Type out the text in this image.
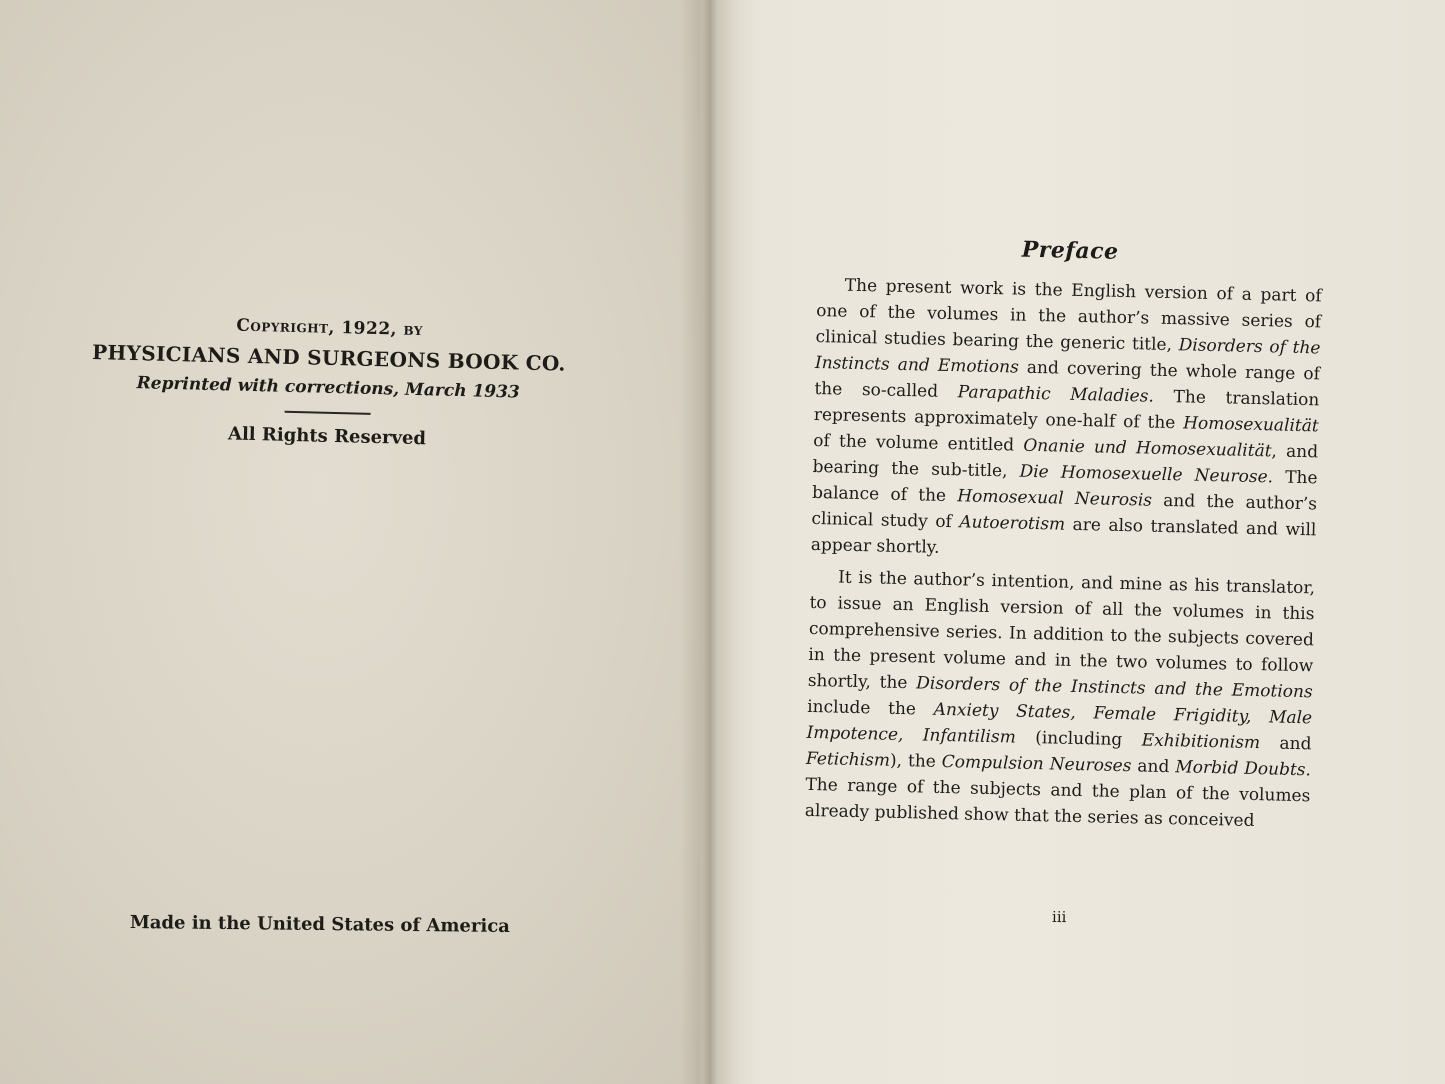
Copyright, 1922, by
PHYSICIANS AND SURGEONS BOOK CO.
Reprinted with corrections, March 1933
All Rights Reserved
Made in the United States of America
Preface

The present work is the English version of a part of one of the volumes in the author’s massive series of clinical studies bearing the generic title, Disorders of the Instincts and Emotions and covering the whole range of the so-called Parapathic Maladies. The translation represents approximately one-half of the Homosexualität of the volume entitled Onanie und Homosexualität, and bearing the sub-title, Die Homosexuelle Neurose. The balance of the Homosexual Neurosis and the author’s clinical study of Autoerotism are also translated and will appear shortly.

It is the author’s intention, and mine as his translator, to issue an English version of all the volumes in this comprehensive series. In addition to the subjects covered in the present volume and in the two volumes to follow shortly, the Disorders of the Instincts and the Emotions include the Anxiety States, Female Frigidity, Male Impotence, Infantilism (including Exhibitionism and Fetichism), the Compulsion Neuroses and Morbid Doubts. The range of the subjects and the plan of the volumes already published show that the series as conceived

iii
